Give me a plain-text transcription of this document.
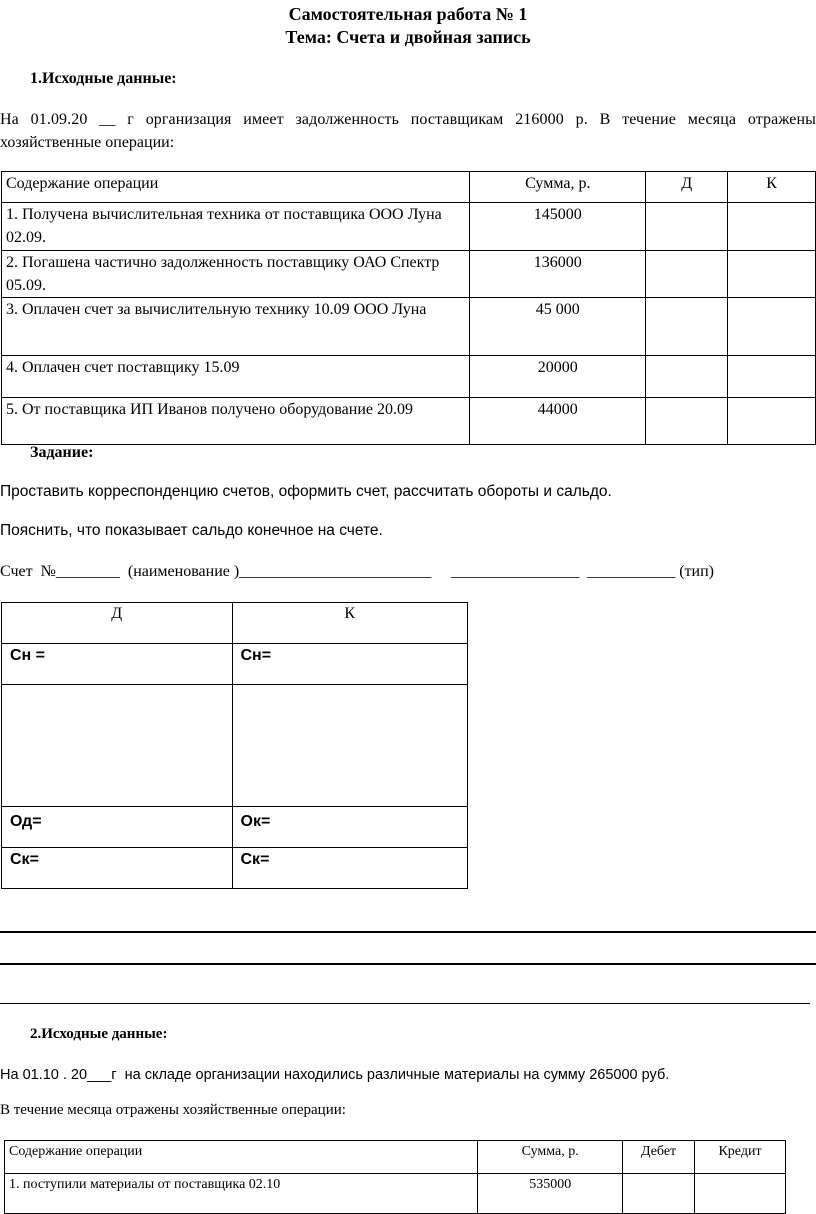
Самостоятельная работа № 1
Тема: Счета и двойная запись
1.Исходные данные:
На 01.09.20 __ г организация имеет задолженность поставщикам 216000 р. В течение месяца отражены
хозяйственные операции:
Содержание операции	Сумма, р.	Д	К
1. Получена вычислительная техника от поставщика ООО Луна 02.09.	145000		
2. Погашена частично задолженность поставщику ОАО Спектр 05.09.	136000		
3. Оплачен счет за вычислительную технику 10.09 ООО Луна	45 000		
4. Оплачен счет поставщику 15.09	20000		
5. От поставщика ИП Иванов получено оборудование 20.09	44000		
Задание:
Проставить корреспонденцию счетов, оформить счет, рассчитать обороты и сальдо.
Пояснить, что показывает сальдо конечное на счете.
Счет  №________  (наименование )________________________     ________________  ___________ (тип)
Д	К
Сн =	Сн=

Од=	Ок=
Ск=	Ск=
2.Исходные данные:
На 01.10 . 20___г  на складе организации находились различные материалы на сумму 265000 руб.
В течение месяца отражены хозяйственные операции:
Содержание операции	Сумма, р.	Дебет	Кредит
1. поступили материалы от поставщика 02.10	535000		
